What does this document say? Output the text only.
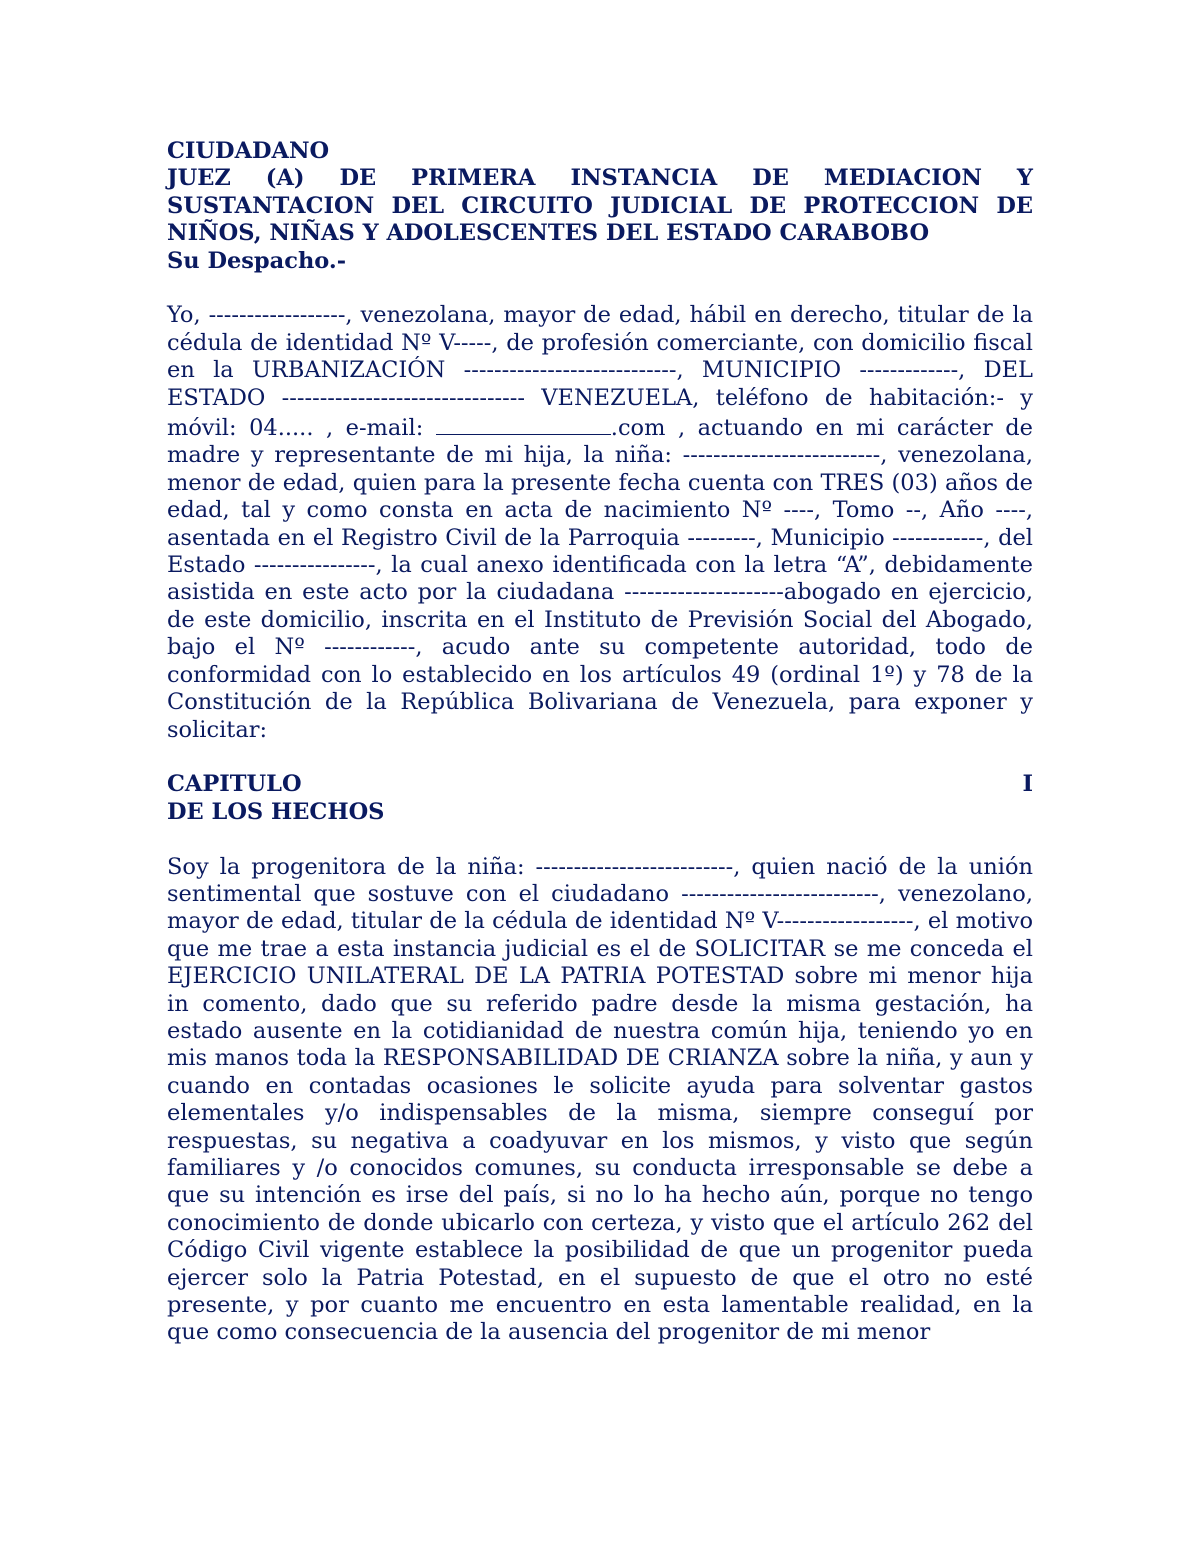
CIUDADANO

JUEZ (A) DE PRIMERA INSTANCIA DE MEDIACION Y SUSTANTACION DEL CIRCUITO JUDICIAL DE PROTECCION DE NIÑOS, NIÑAS Y ADOLESCENTES DEL ESTADO CARABOBO

Su Despacho.-

Yo, ------------------, venezolana, mayor de edad, hábil en derecho, titular de la cédula de identidad Nº V-----, de profesión comerciante, con domicilio fiscal en la URBANIZACIÓN ----------------------------, MUNICIPIO -------------, DEL ESTADO -------------------------------- VENEZUELA, teléfono de habitación:- y móvil: 04..... , e-mail:	.com , actuando en mi carácter de madre y representante de mi hija, la niña: --------------------------, venezolana, menor de edad, quien para la presente fecha cuenta con TRES (03) años de edad, tal y como consta en acta de nacimiento Nº ----, Tomo --, Año ----, asentada en el Registro Civil de la Parroquia ---------, Municipio ------------, del Estado ----------------, la cual anexo identificada con la letra “A”, debidamente asistida en este acto por la ciudadana ---------------------abogado en ejercicio, de este domicilio, inscrita en el Instituto de Previsión Social del Abogado, bajo el Nº ------------, acudo ante su competente autoridad, todo de conformidad con lo establecido en los artículos 49 (ordinal 1º) y 78 de la Constitución de la República Bolivariana de Venezuela, para exponer y solicitar:

CAPITULO	I

DE LOS HECHOS

Soy la progenitora de la niña: --------------------------, quien nació de la unión sentimental que sostuve con el ciudadano --------------------------, venezolano, mayor de edad, titular de la cédula de identidad Nº V------------------, el motivo que me trae a esta instancia judicial es el de SOLICITAR se me conceda el EJERCICIO UNILATERAL DE LA PATRIA POTESTAD sobre mi menor hija in comento, dado que su referido padre desde la misma gestación, ha estado ausente en la cotidianidad de nuestra común hija, teniendo yo en mis manos toda la RESPONSABILIDAD DE CRIANZA sobre la niña, y aun y cuando en contadas ocasiones le solicite ayuda para solventar gastos elementales y/o indispensables de la misma, siempre conseguí por respuestas, su negativa a coadyuvar en los mismos, y visto que según familiares y /o conocidos comunes, su conducta irresponsable se debe a que su intención es irse del país, si no lo ha hecho aún, porque no tengo conocimiento de donde ubicarlo con certeza, y visto que el artículo 262 del Código Civil vigente establece la posibilidad de que un progenitor pueda ejercer solo la Patria Potestad, en el supuesto de que el otro no esté presente, y por cuanto me encuentro en esta lamentable realidad, en la que como consecuencia de la ausencia del progenitor de mi menor
